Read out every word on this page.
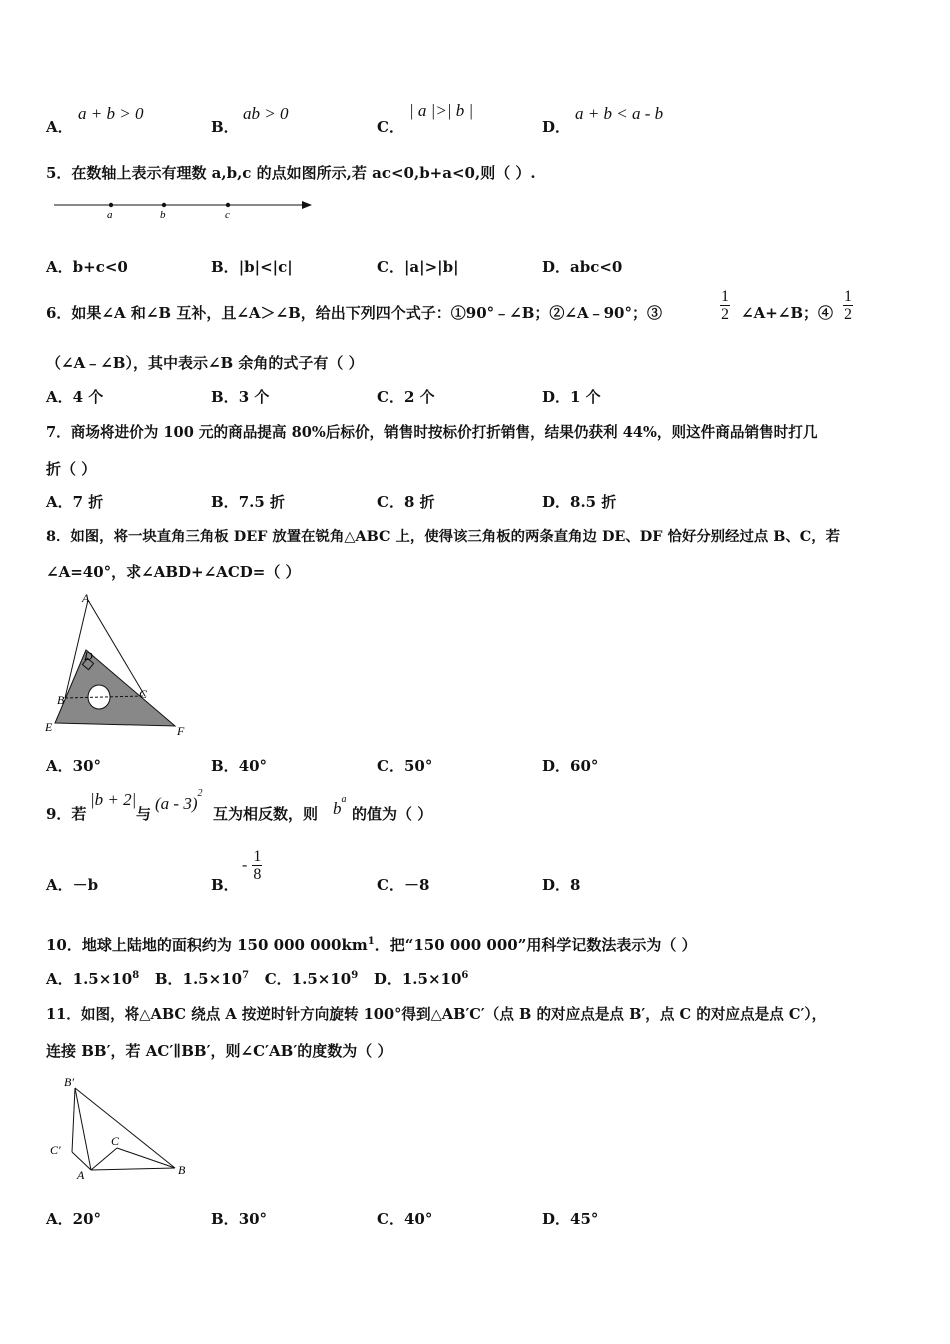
A．
a + b > 0
B．
ab > 0
C．
| a |>| b |
D．
a + b < a - b
5．在数轴上表示有理数 a,b,c 的点如图所示,若 ac<0,b+a<0,则（ ）.
a	b	c
A．b+c<0	B．|b|<|c|	C．|a|>|b|	D．abc<0
6．如果∠A 和∠B 互补，且∠A＞∠B，给出下列四个式子：①90°﹣∠B；②∠A﹣90°；③	$\frac{1}{2}$ ∠A+∠B；④ $\frac{1}{2}$
（∠A﹣∠B），其中表示∠B 余角的式子有（ ）
A．4 个	B．3 个	C．2 个	D．1 个
7．商场将进价为 100 元的商品提高 80%后标价，销售时按标价打折销售，结果仍获利 44%，则这件商品销售时打几
折（ ）
A．7 折	B．7.5 折	C．8 折	D．8.5 折
8．如图，将一块直角三角板 DEF 放置在锐角△ABC 上，使得该三角板的两条直角边 DE、DF 恰好分别经过点 B、C，若
∠A=40°，求∠ABD+∠ACD=（ ）
A
D
B	C
E	F
A．30°	B．40°	C．50°	D．60°
9．若
|b + 2|
与
(a - 3)$^2$
互为相反数，则 $b^a$
的值为（ ）
A．－b	B．
- $\frac{1}{8}$
C．－8	D．8
10．地球上陆地的面积约为 150 000 $000km^1$．把“150 000 000”用科学记数法表示为（ ）
A．$1.5\times 10^8$ B．$1.5\times 10^7$ C．$1.5\times 10^9$ D．$1.5\times 10^6$
11．如图，将△ABC 绕点 A 按逆时针方向旋转 100°得到△AB′C′（点 B 的对应点是点 B′，点 C 的对应点是点 C′），
连接 BB′，若 AC′∥BB′，则∠C′AB′的度数为（ ）
B′
C
C′
A	B
A．20°	B．30°	C．40°	D．45°
